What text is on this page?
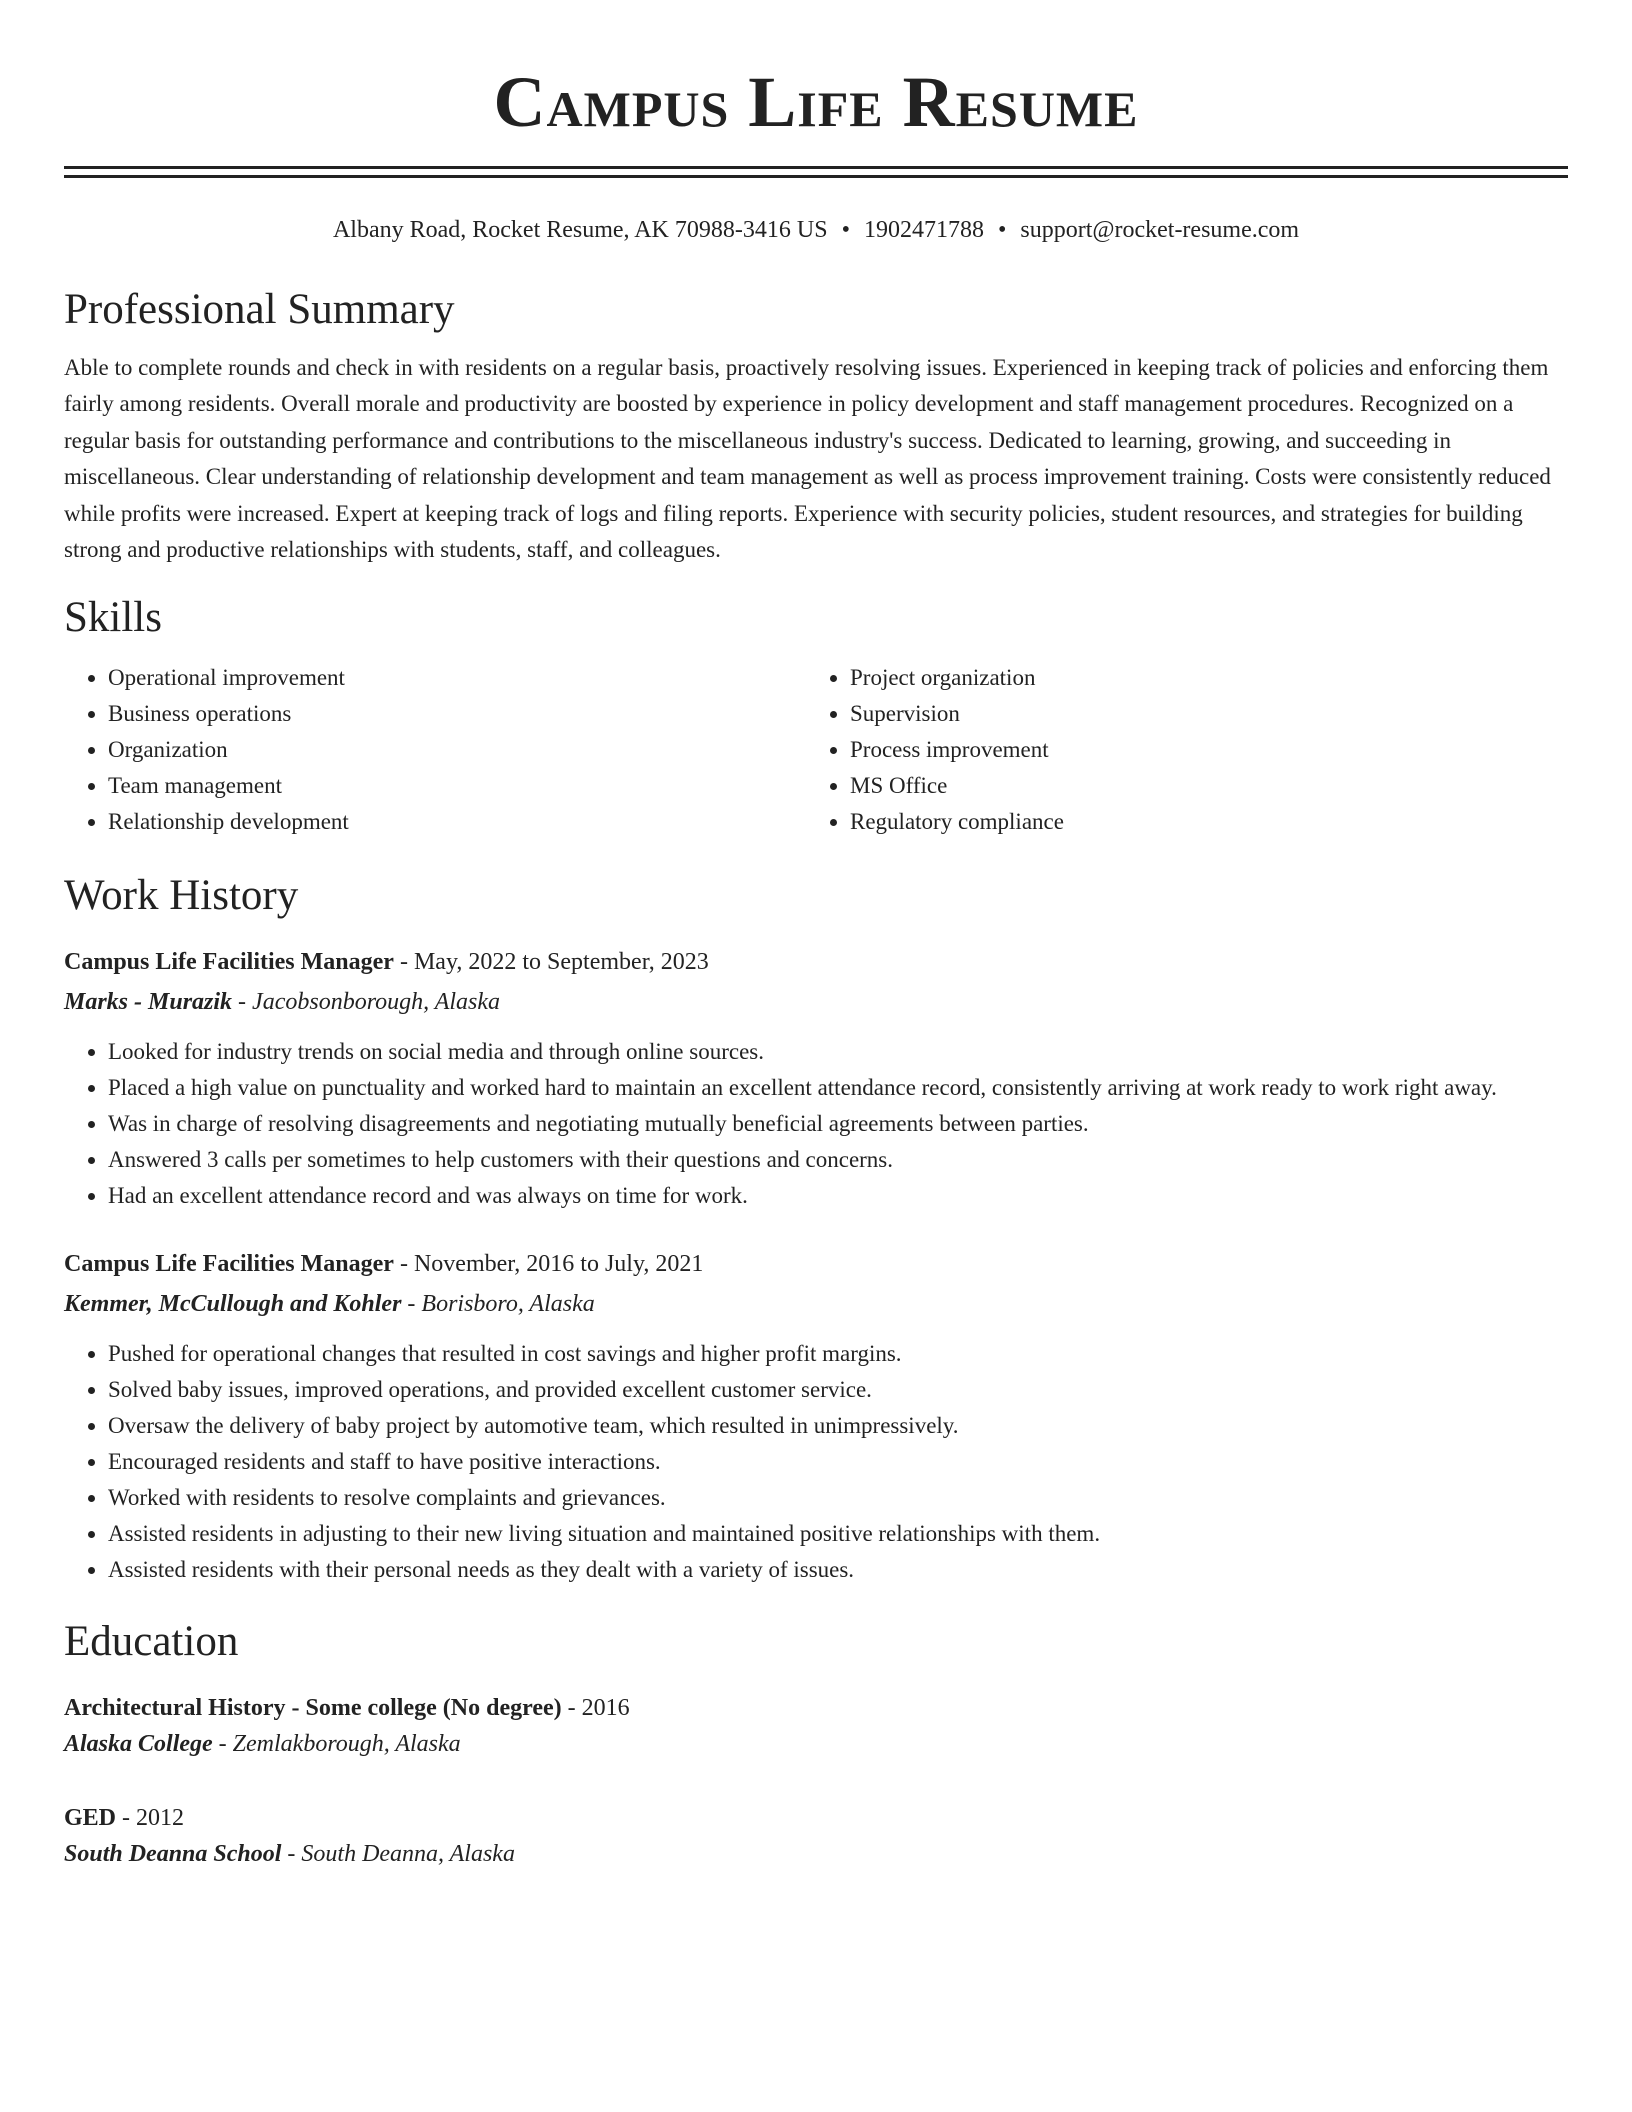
Campus Life Resume
Albany Road, Rocket Resume, AK 70988-3416 US • 1902471788 • support@rocket-resume.com
Professional Summary
Able to complete rounds and check in with residents on a regular basis, proactively resolving issues. Experienced in keeping track of policies and enforcing them fairly among residents. Overall morale and productivity are boosted by experience in policy development and staff management procedures. Recognized on a regular basis for outstanding performance and contributions to the miscellaneous industry's success. Dedicated to learning, growing, and succeeding in miscellaneous. Clear understanding of relationship development and team management as well as process improvement training. Costs were consistently reduced while profits were increased. Expert at keeping track of logs and filing reports. Experience with security policies, student resources, and strategies for building strong and productive relationships with students, staff, and colleagues.
Skills
• Operational improvement
• Business operations
• Organization
• Team management
• Relationship development
• Project organization
• Supervision
• Process improvement
• MS Office
• Regulatory compliance
Work History
Campus Life Facilities Manager - May, 2022 to September, 2023
Marks - Murazik - Jacobsonborough, Alaska
• Looked for industry trends on social media and through online sources.
• Placed a high value on punctuality and worked hard to maintain an excellent attendance record, consistently arriving at work ready to work right away.
• Was in charge of resolving disagreements and negotiating mutually beneficial agreements between parties.
• Answered 3 calls per sometimes to help customers with their questions and concerns.
• Had an excellent attendance record and was always on time for work.
Campus Life Facilities Manager - November, 2016 to July, 2021
Kemmer, McCullough and Kohler - Borisboro, Alaska
• Pushed for operational changes that resulted in cost savings and higher profit margins.
• Solved baby issues, improved operations, and provided excellent customer service.
• Oversaw the delivery of baby project by automotive team, which resulted in unimpressively.
• Encouraged residents and staff to have positive interactions.
• Worked with residents to resolve complaints and grievances.
• Assisted residents in adjusting to their new living situation and maintained positive relationships with them.
• Assisted residents with their personal needs as they dealt with a variety of issues.
Education
Architectural History - Some college (No degree) - 2016
Alaska College - Zemlakborough, Alaska
GED - 2012
South Deanna School - South Deanna, Alaska
